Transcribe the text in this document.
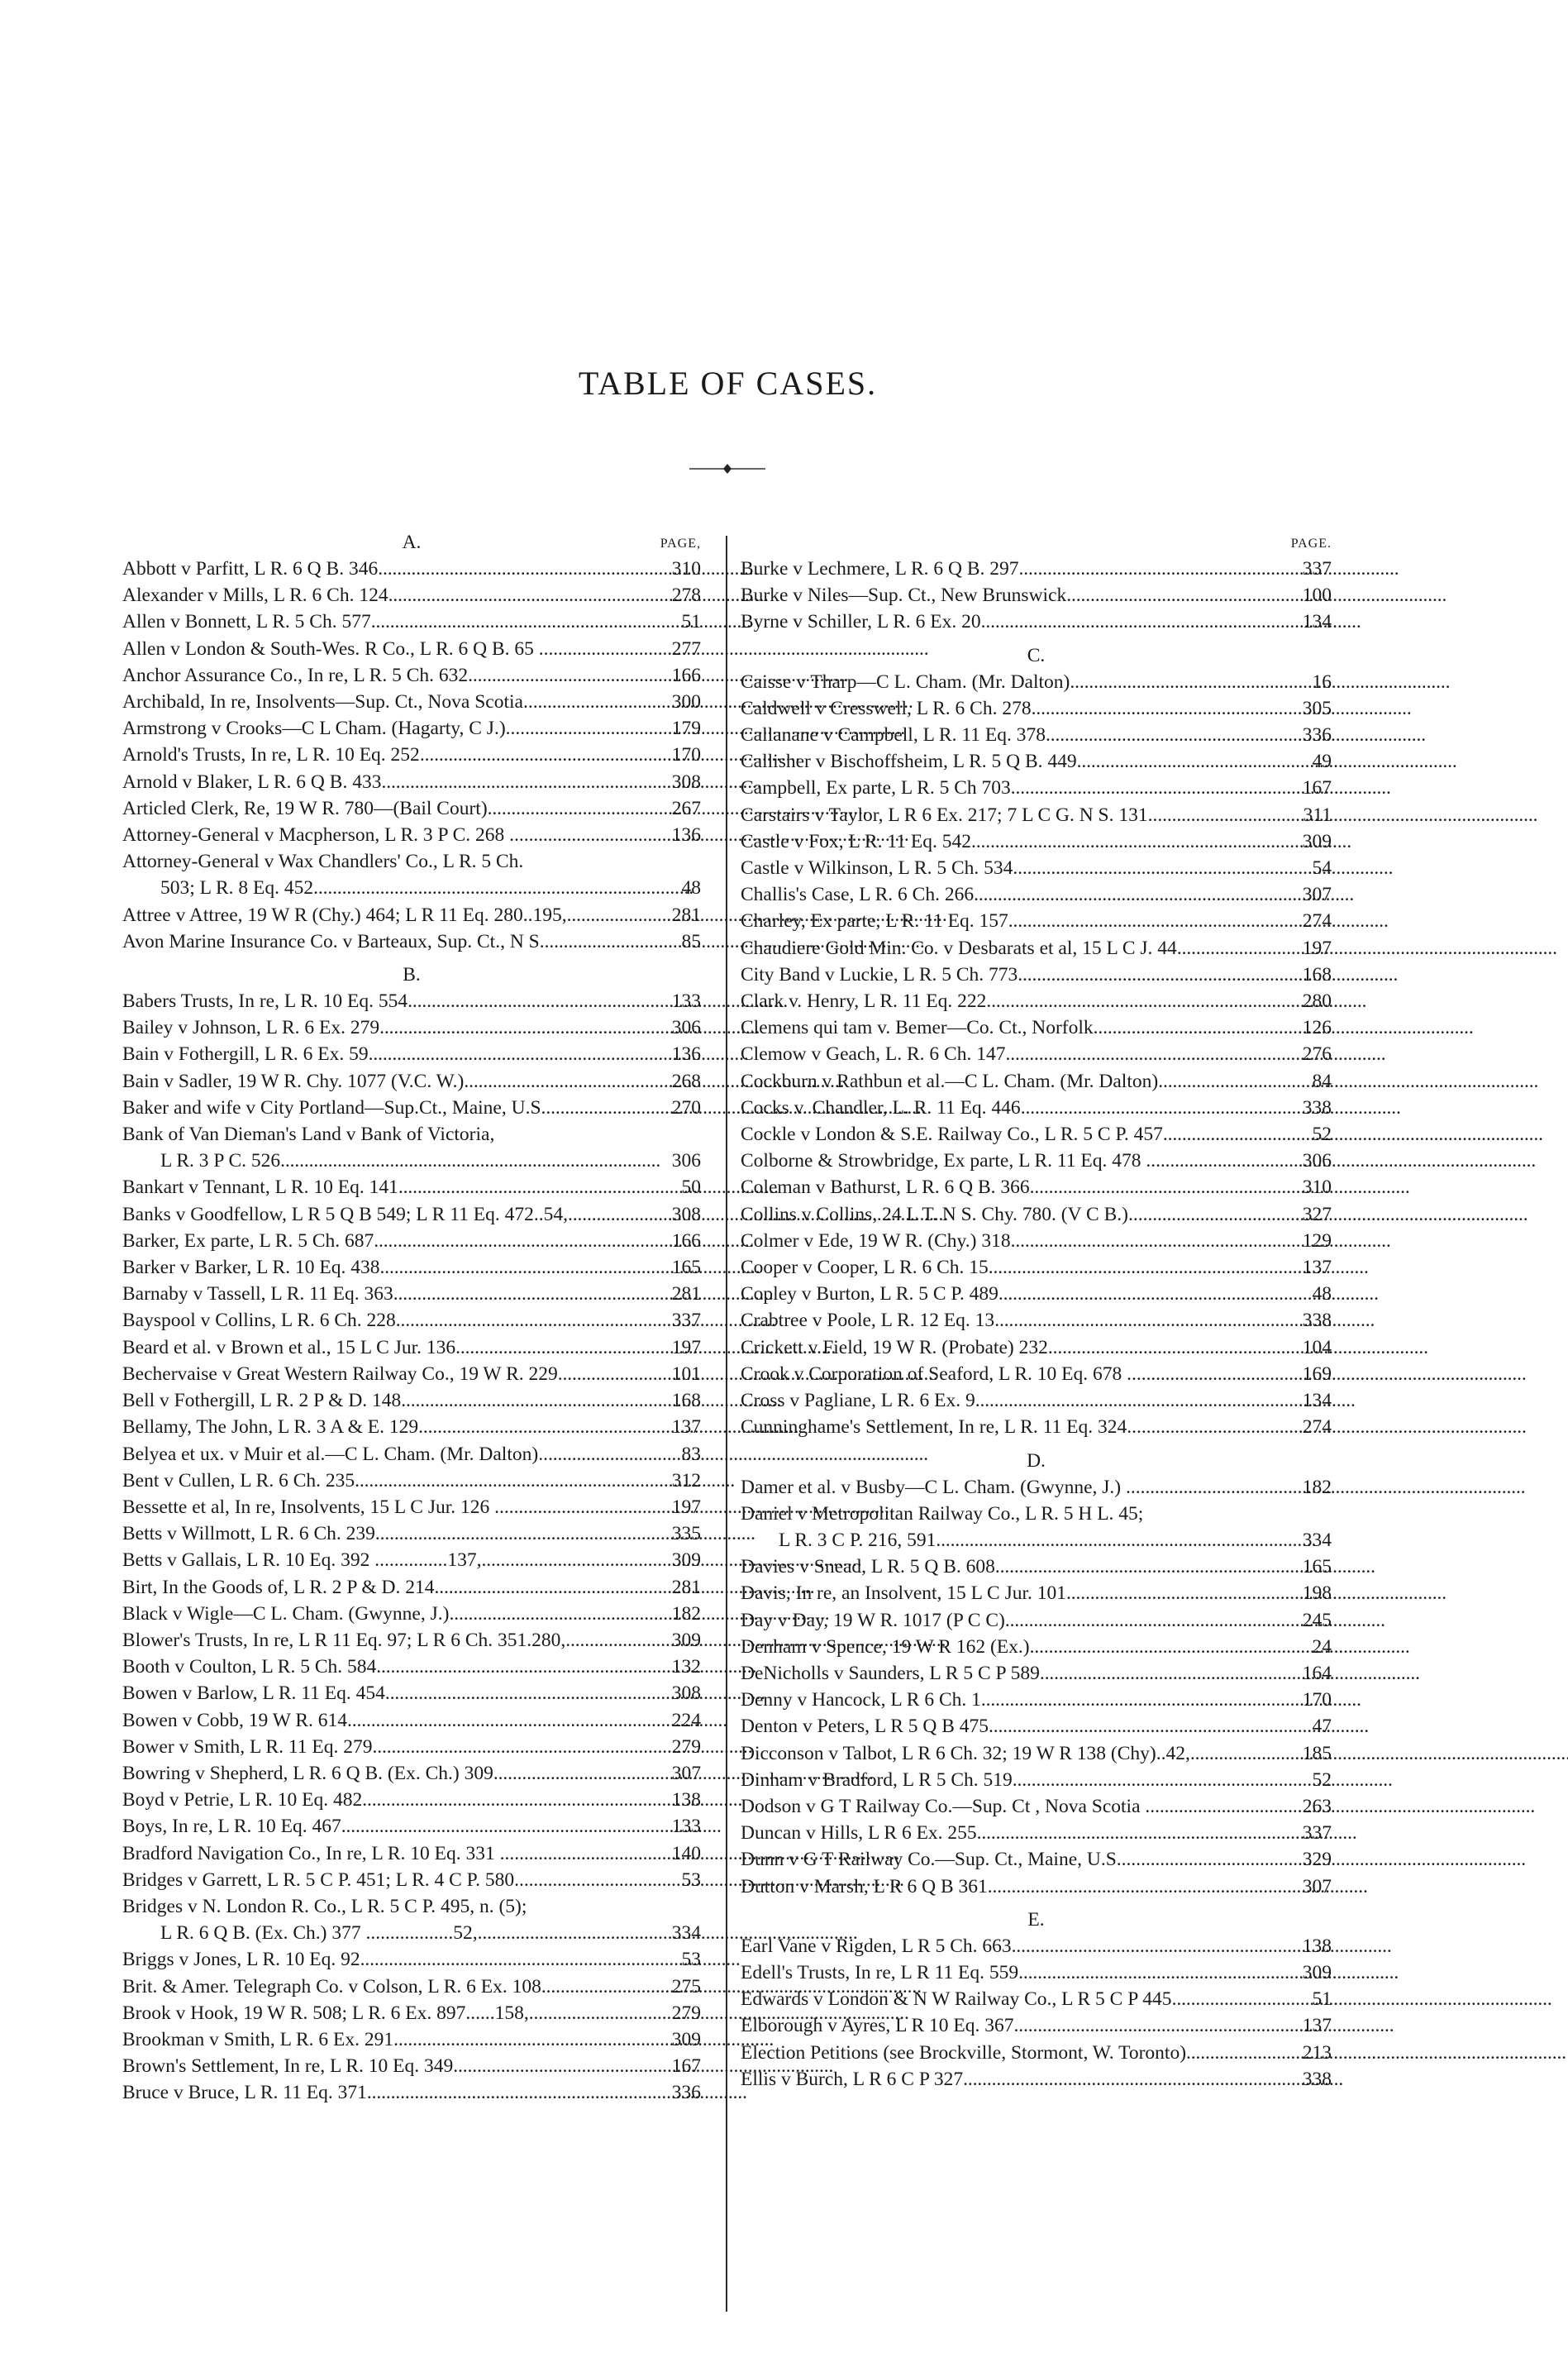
TABLE OF CASES.
A.	PAGE,
Abbott v Parfitt, L R. 6 Q B. 346 . . .	310
Alexander v Mills, L R. 6 Ch. 124 . . .	278
Allen v Bonnett, L R. 5 Ch. 577 . . .	51
Allen v London & South-Wes. R Co., L R. 6 Q B. 65 .. . . .	277
Anchor Assurance Co., In re, L R. 5 Ch. 632 . . .	166
Archibald, In re, Insolvents—Sup. Ct., Nova Scotia.. . . .	300
Armstrong v Crooks—C L Cham. (Hagarty, C J.).... . . .	179
Arnold's Trusts, In re, L R. 10 Eq. 252 . . .	170
Arnold v Blaker, L R. 6 Q B. 433 . . .	308
Articled Clerk, Re, 19 W R. 780—(Bail Court) . . .	267
Attorney-General v Macpherson, L R. 3 P C. 268 .... . . .	136
Attorney-General v Wax Chandlers' Co., L R. 5 Ch.
503; L R. 8 Eq. 452 . . .	48
Attree v Attree, 19 W R (Chy.) 464; L R 11 Eq. 280..195, . . .	281
Avon Marine Insurance Co. v Barteaux, Sup. Ct., N S. . . .	85
B.
Babers Trusts, In re, L R. 10 Eq. 554 . . .	133
Bailey v Johnson, L R. 6 Ex. 279 . . .	306
Bain v Fothergill, L R. 6 Ex. 59 . . .	136
Bain v Sadler, 19 W R. Chy. 1077 (V.C. W.) . . .	268
Baker and wife v City Portland—Sup.Ct., Maine, U.S. . . .	270
Bank of Van Dieman's Land v Bank of Victoria,
L R. 3 P C. 526 . . .	306
Bankart v Tennant, L R. 10 Eq. 141 . . .	50
Banks v Goodfellow, L R 5 Q B 549; L R 11 Eq. 472..54, . . .	308
Barker, Ex parte, L R. 5 Ch. 687 . . .	166
Barker v Barker, L R. 10 Eq. 438 . . .	165
Barnaby v Tassell, L R. 11 Eq. 363 . . .	281
Bayspool v Collins, L R. 6 Ch. 228 . . .	337
Beard et al. v Brown et al., 15 L C Jur. 136 . . .	197
Bechervaise v Great Western Railway Co., 19 W R. 229 . . .	101
Bell v Fothergill, L R. 2 P & D. 148 . . .	168
Bellamy, The John, L R. 3 A & E. 129 . . .	137
Belyea et ux. v Muir et al.—C L. Cham. (Mr. Dalton).. . . .	83
Bent v Cullen, L R. 6 Ch. 235 . . .	312
Bessette et al, In re, Insolvents, 15 L C Jur. 126 .... . . .	197
Betts v Willmott, L R. 6 Ch. 239 . . .	335
Betts v Gallais, L R. 10 Eq. 392 ...............137, . . .	309
Birt, In the Goods of, L R. 2 P & D. 214 . . .	281
Black v Wigle—C L. Cham. (Gwynne, J.) . . .	182
Blower's Trusts, In re, L R 11 Eq. 97; L R 6 Ch. 351.280, . . .	309
Booth v Coulton, L R. 5 Ch. 584 . . .	132
Bowen v Barlow, L R. 11 Eq. 454 . . .	308
Bowen v Cobb, 19 W R. 614 . . .	224
Bower v Smith, L R. 11 Eq. 279 . . .	279
Bowring v Shepherd, L R. 6 Q B. (Ex. Ch.) 309 . . .	307
Boyd v Petrie, L R. 10 Eq. 482 . . .	138
Boys, In re, L R. 10 Eq. 467 . . .	133
Bradford Navigation Co., In re, L R. 10 Eq. 331 .... . . .	140
Bridges v Garrett, L R. 5 C P. 451; L R. 4 C P. 580.. . . .	53
Bridges v N. London R. Co., L R. 5 C P. 495, n. (5);
L R. 6 Q B. (Ex. Ch.) 377 ..................52, . . .	334
Briggs v Jones, L R. 10 Eq. 92 . . .	53
Brit. & Amer. Telegraph Co. v Colson, L R. 6 Ex. 108 . . .	275
Brook v Hook, 19 W R. 508; L R. 6 Ex. 897......158, . . .	279
Brookman v Smith, L R. 6 Ex. 291 . . .	309
Brown's Settlement, In re, L R. 10 Eq. 349 . . .	167
Bruce v Bruce, L R. 11 Eq. 371 . . .	336
PAGE.
Burke v Lechmere, L R. 6 Q B. 297 . . .	337
Burke v Niles—Sup. Ct., New Brunswick . . .	100
Byrne v Schiller, L R. 6 Ex. 20 . . .	134
C.
Caisse v Tharp—C L. Cham. (Mr. Dalton) . . .	16
Caldwell v Cresswell, L R. 6 Ch. 278 . . .	305
Callanane v Campbell, L R. 11 Eq. 378 . . .	336
Callisher v Bischoffsheim, L R. 5 Q B. 449 . . .	49
Campbell, Ex parte, L R. 5 Ch 703 . . .	167
Carstairs v Taylor, L R 6 Ex. 217; 7 L C G. N S. 131.. . . .	311
Castle v Fox, L R. 11 Eq. 542 . . .	309
Castle v Wilkinson, L R. 5 Ch. 534 . . .	54
Challis's Case, L R. 6 Ch. 266 . . .	307
Charley, Ex parte, L R. 11 Eq. 157 . . .	274
Chaudiere Gold Min. Co. v Desbarats et al, 15 L C J. 44 . . .	197
City Band v Luckie, L R. 5 Ch. 773 . . .	168
Clark v. Henry, L R. 11 Eq. 222 . . .	280
Clemens qui tam v. Bemer—Co. Ct., Norfolk . . .	126
Clemow v Geach, L. R. 6 Ch. 147 . . .	276
Cockburn v Rathbun et al.—C L. Cham. (Mr. Dalton) . . .	84
Cocks v. Chandler, L. R. 11 Eq. 446 . . .	338
Cockle v London & S.E. Railway Co., L R. 5 C P. 457 . . .	52
Colborne & Strowbridge, Ex parte, L R. 11 Eq. 478 .. . . .	306
Coleman v Bathurst, L R. 6 Q B. 366 . . .	310
Collins v Collins, 24 L T. N S. Chy. 780. (V C B.).... . . .	327
Colmer v Ede, 19 W R. (Chy.) 318 . . .	129
Cooper v Cooper, L R. 6 Ch. 15 . . .	137
Copley v Burton, L R. 5 C P. 489 . . .	48
Crabtree v Poole, L R. 12 Eq. 13 . . .	338
Crickett v Field, 19 W R. (Probate) 232 . . .	104
Crook v Corporation of Seaford, L R. 10 Eq. 678 .... . . .	169
Cross v Pagliane, L R. 6 Ex. 9 . . .	134
Cunninghame's Settlement, In re, L R. 11 Eq. 324.... . . .	274
D.
Damer et al. v Busby—C L. Cham. (Gwynne, J.) .... . . .	182
Daniel v Metropolitan Railway Co., L R. 5 H L. 45;
L R. 3 C P. 216, 591 . . .	334
Davies v Snead, L R. 5 Q B. 608 . . .	165
Davis, In re, an Insolvent, 15 L C Jur. 101 . . .	198
Day v Day, 19 W R. 1017 (P C C) . . .	245
Denham v Spence, 19 W R 162 (Ex.) . . .	24
DeNicholls v Saunders, L R 5 C P 589 . . .	164
Denny v Hancock, L R 6 Ch. 1 . . .	170
Denton v Peters, L R 5 Q B 475 . . .	47
Dicconson v Talbot, L R 6 Ch. 32; 19 W R 138 (Chy)..42, . . .	185
Dinham v Bradford, L R 5 Ch. 519 . . .	52
Dodson v G T Railway Co.—Sup. Ct , Nova Scotia .. . . .	263
Duncan v Hills, L R 6 Ex. 255 . . .	337
Dunn v G T Railway Co.—Sup. Ct., Maine, U.S...... . . .	329
Dutton v Marsh, L R 6 Q B 361 . . .	307
E.
Earl Vane v Rigden, L R 5 Ch. 663 . . .	138
Edell's Trusts, In re, L R 11 Eq. 559 . . .	309
Edwards v London & N W Railway Co., L R 5 C P 445 . . .	51
Elborough v Ayres, L R 10 Eq. 367 . . .	137
Election Petitions (see Brockville, Stormont, W. Toronto) . . .	213
Ellis v Burch, L R 6 C P 327 . . .	338
